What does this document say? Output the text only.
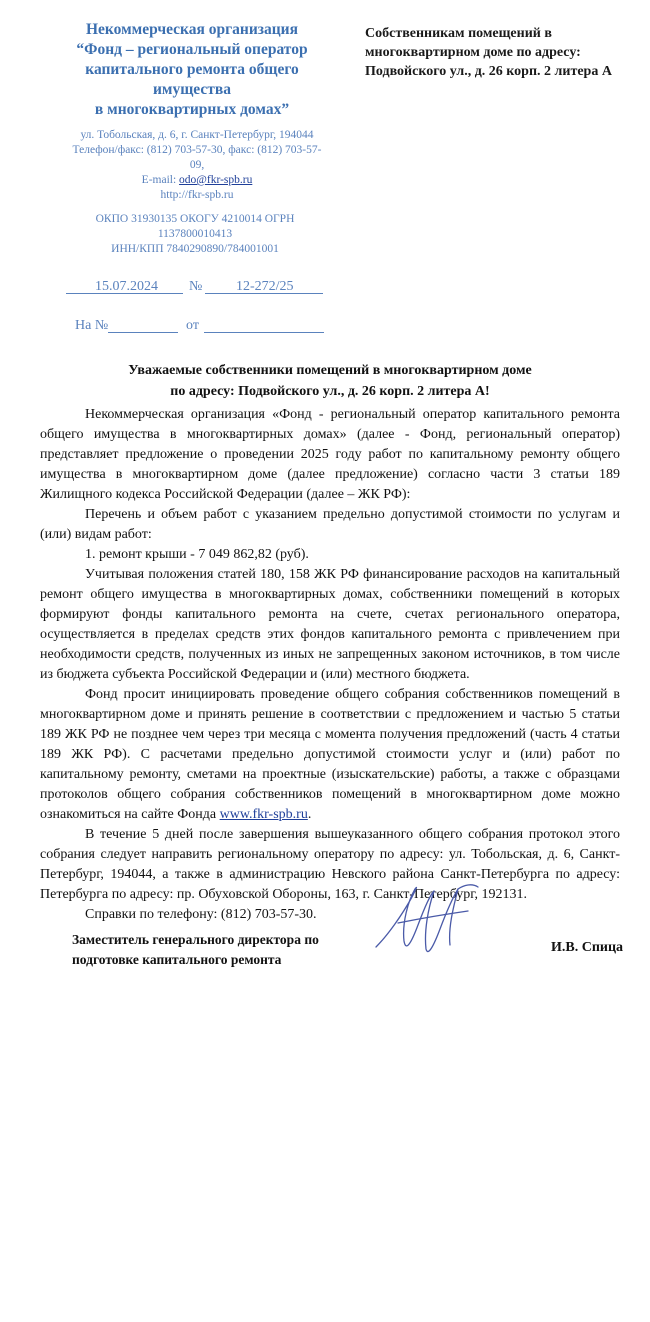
Некоммерческая организация
“Фонд – региональный оператор
капитального ремонта общего имущества
в многоквартирных домах”
ул. Тобольская, д. 6, г. Санкт-Петербург, 194044
Телефон/факс: (812) 703-57-30, факс: (812) 703-57-09,
E-mail: odo@fkr-spb.ru
http://fkr-spb.ru
ОКПО 31930135 ОКОГУ 4210014 ОГРН 1137800010413
ИНН/КПП 7840290890/784001001
15.07.2024 № 12-272/25
На №	от
Собственникам помещений в
многоквартирном доме по адресу:
Подвойского ул., д. 26 корп. 2 литера А
Уважаемые собственники помещений в многоквартирном доме
по адресу: Подвойского ул., д. 26 корп. 2 литера А!

Некоммерческая организация «Фонд - региональный оператор капитального ремонта общего имущества в многоквартирных домах» (далее - Фонд, региональный оператор) представляет предложение о проведении 2025 году работ по капитальному ремонту общего имущества в многоквартирном доме (далее предложение) согласно части 3 статьи 189 Жилищного кодекса Российской Федерации (далее – ЖК РФ):

Перечень и объем работ с указанием предельно допустимой стоимости по услугам и (или) видам работ:

1. ремонт крыши - 7 049 862,82 (руб).

Учитывая положения статей 180, 158 ЖК РФ финансирование расходов на капитальный ремонт общего имущества в многоквартирных домах, собственники помещений в которых формируют фонды капитального ремонта на счете, счетах регионального оператора, осуществляется в пределах средств этих фондов капитального ремонта с привлечением при необходимости средств, полученных из иных не запрещенных законом источников, в том числе из бюджета субъекта Российской Федерации и (или) местного бюджета.

Фонд просит инициировать проведение общего собрания собственников помещений в многоквартирном доме и принять решение в соответствии с предложением и частью 5 статьи 189 ЖК РФ не позднее чем через три месяца с момента получения предложений (часть 4 статьи 189 ЖК РФ). С расчетами предельно допустимой стоимости услуг и (или) работ по капитальному ремонту, сметами на проектные (изыскательские) работы, а также с образцами протоколов общего собрания собственников помещений в многоквартирном доме можно ознакомиться на сайте Фонда www.fkr-spb.ru.

В течение 5 дней после завершения вышеуказанного общего собрания протокол этого собрания следует направить региональному оператору по адресу: ул. Тобольская, д. 6, Санкт-Петербург, 194044, а также в администрацию Невского района Санкт-Петербурга по адресу: Петербурга по адресу: пр. Обуховской Обороны, 163, г. Санкт-Петербург, 192131.

Справки по телефону: (812) 703-57-30.

Заместитель генерального директора по
подготовке капитального ремонта
И.В. Спица
